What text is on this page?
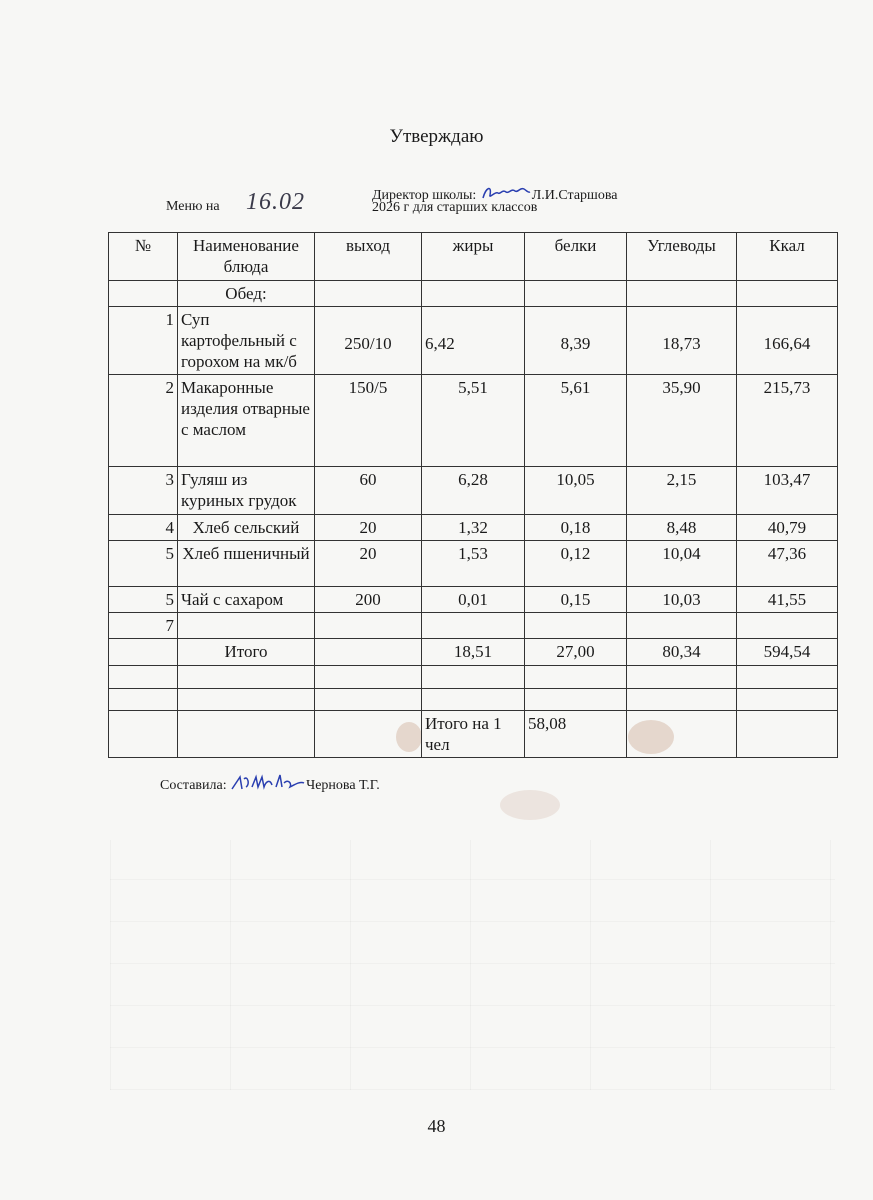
Утверждаю
Директор школы:	Л.И.Старшова
2026 г для старших классов
Меню на 16.02
№	Наименование блюда	выход	жиры	белки	Углеводы	Ккал
	Обед:					
1	Суп картофельный с горохом на мк/б	250/10	6,42	8,39	18,73	166,64
2	Макаронные изделия отварные с маслом	150/5	5,51	5,61	35,90	215,73
3	Гуляш из куриных грудок	60	6,28	10,05	2,15	103,47
4	Хлеб сельский	20	1,32	0,18	8,48	40,79
5	Хлеб пшеничный	20	1,53	0,12	10,04	47,36
5	Чай с сахаром	200	0,01	0,15	10,03	41,55
7						
	Итого		18,51	27,00	80,34	594,54

			Итого на 1 чел	58,08		
Составила:	Чернова Т.Г.
48
